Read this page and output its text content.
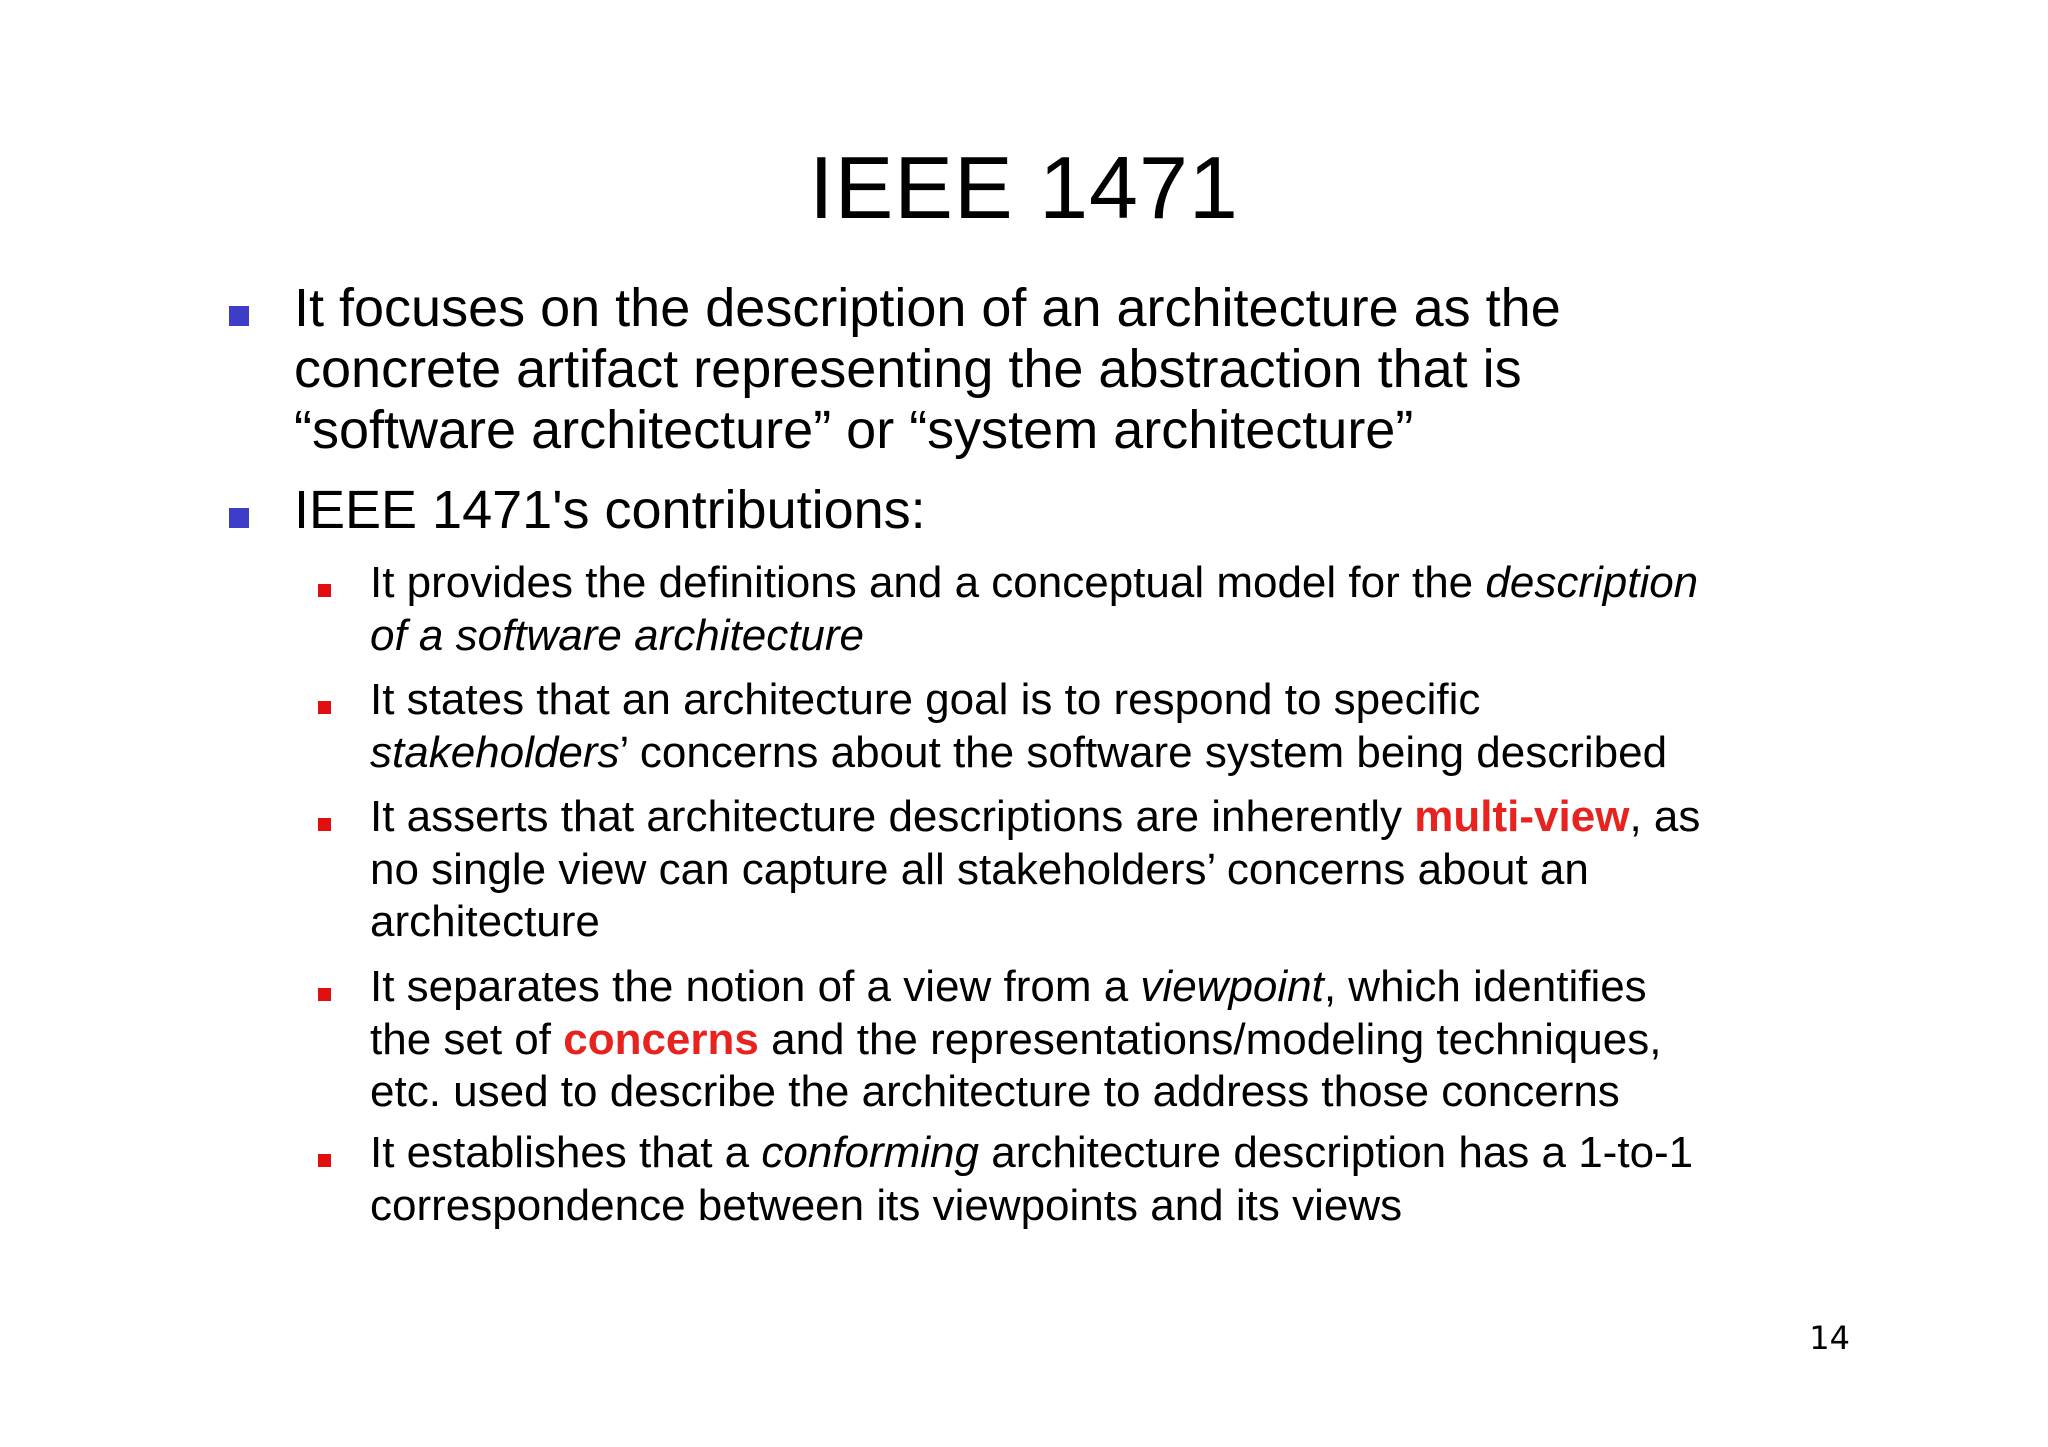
IEEE 1471
It focuses on the description of an architecture as the
concrete artifact representing the abstraction that is
“software architecture” or “system architecture”
IEEE 1471's contributions:
It provides the definitions and a conceptual model for the description
of a software architecture
It states that an architecture goal is to respond to specific
stakeholders’ concerns about the software system being described
It asserts that architecture descriptions are inherently multi-view, as
no single view can capture all stakeholders’ concerns about an
architecture
It separates the notion of a view from a viewpoint, which identifies
the set of concerns and the representations/modeling techniques,
etc. used to describe the architecture to address those concerns
It establishes that a conforming architecture description has a 1-to-1
correspondence between its viewpoints and its views
14
